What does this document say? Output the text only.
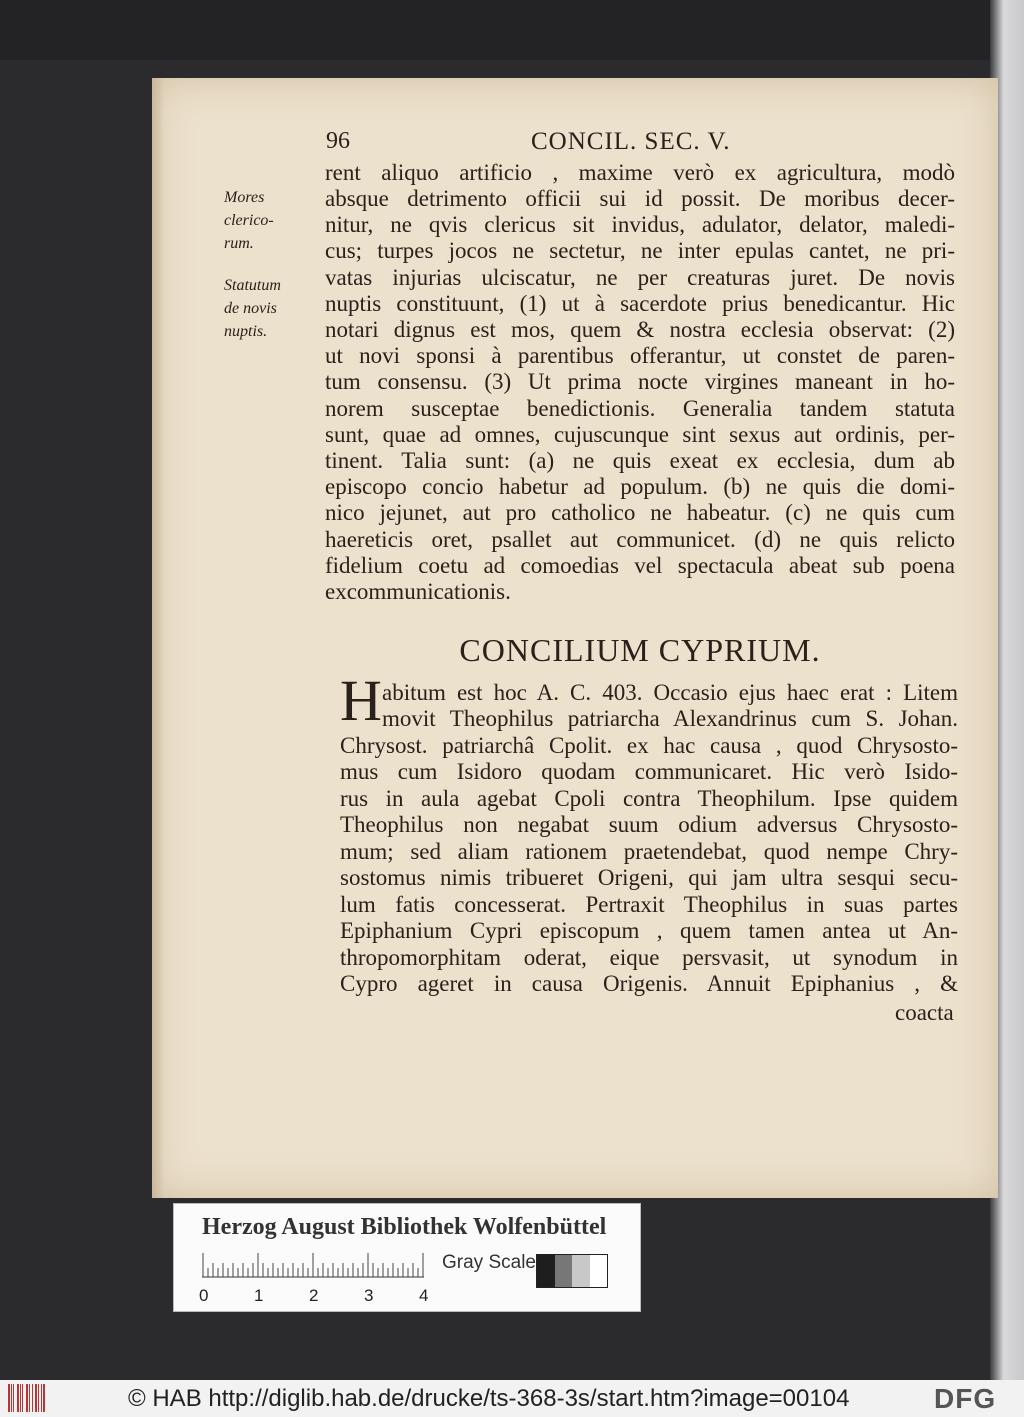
96	CONCIL. SEC. V.
Mores
clerico-
rum.
Statutum
de novis
nuptis.
rent aliquo artificio , maxime verò ex agricultura, modò
absque detrimento officii sui id possit. De moribus decer-
nitur, ne qvis clericus sit invidus, adulator, delator, maledi-
cus; turpes jocos ne sectetur, ne inter epulas cantet, ne pri-
vatas injurias ulciscatur, ne per creaturas juret. De novis
nuptis constituunt, (1) ut à sacerdote prius benedicantur. Hic
notari dignus est mos, quem & nostra ecclesia observat: (2)
ut novi sponsi à parentibus offerantur, ut constet de paren-
tum consensu. (3) Ut prima nocte virgines maneant in ho-
norem susceptae benedictionis. Generalia tandem statuta
sunt, quae ad omnes, cujuscunque sint sexus aut ordinis, per-
tinent. Talia sunt: (a) ne quis exeat ex ecclesia, dum ab
episcopo concio habetur ad populum. (b) ne quis die domi-
nico jejunet, aut pro catholico ne habeatur. (c) ne quis cum
haereticis oret, psallet aut communicet. (d) ne quis relicto
fidelium coetu ad comoedias vel spectacula abeat sub poena
excommunicationis.
CONCILIUM CYPRIUM.
H abitum est hoc A. C. 403. Occasio ejus haec erat : Litem
movit Theophilus patriarcha Alexandrinus cum S. Johan.
Chrysost. patriarchâ Cpolit. ex hac causa , quod Chrysosto-
mus cum Isidoro quodam communicaret. Hic verò Isido-
rus in aula agebat Cpoli contra Theophilum. Ipse quidem
Theophilus non negabat suum odium adversus Chrysosto-
mum; sed aliam rationem praetendebat, quod nempe Chry-
sostomus nimis tribueret Origeni, qui jam ultra sesqui secu-
lum fatis concesserat. Pertraxit Theophilus in suas partes
Epiphanium Cypri episcopum , quem tamen antea ut An-
thropomorphitam oderat, eique persvasit, ut synodum in
Cypro ageret in causa Origenis. Annuit Epiphanius , &
coacta
Herzog August Bibliothek Wolfenbüttel
0	1	2	3	4
Gray Scale
© HAB http://diglib.hab.de/drucke/ts-368-3s/start.htm?image=00104	DFG
